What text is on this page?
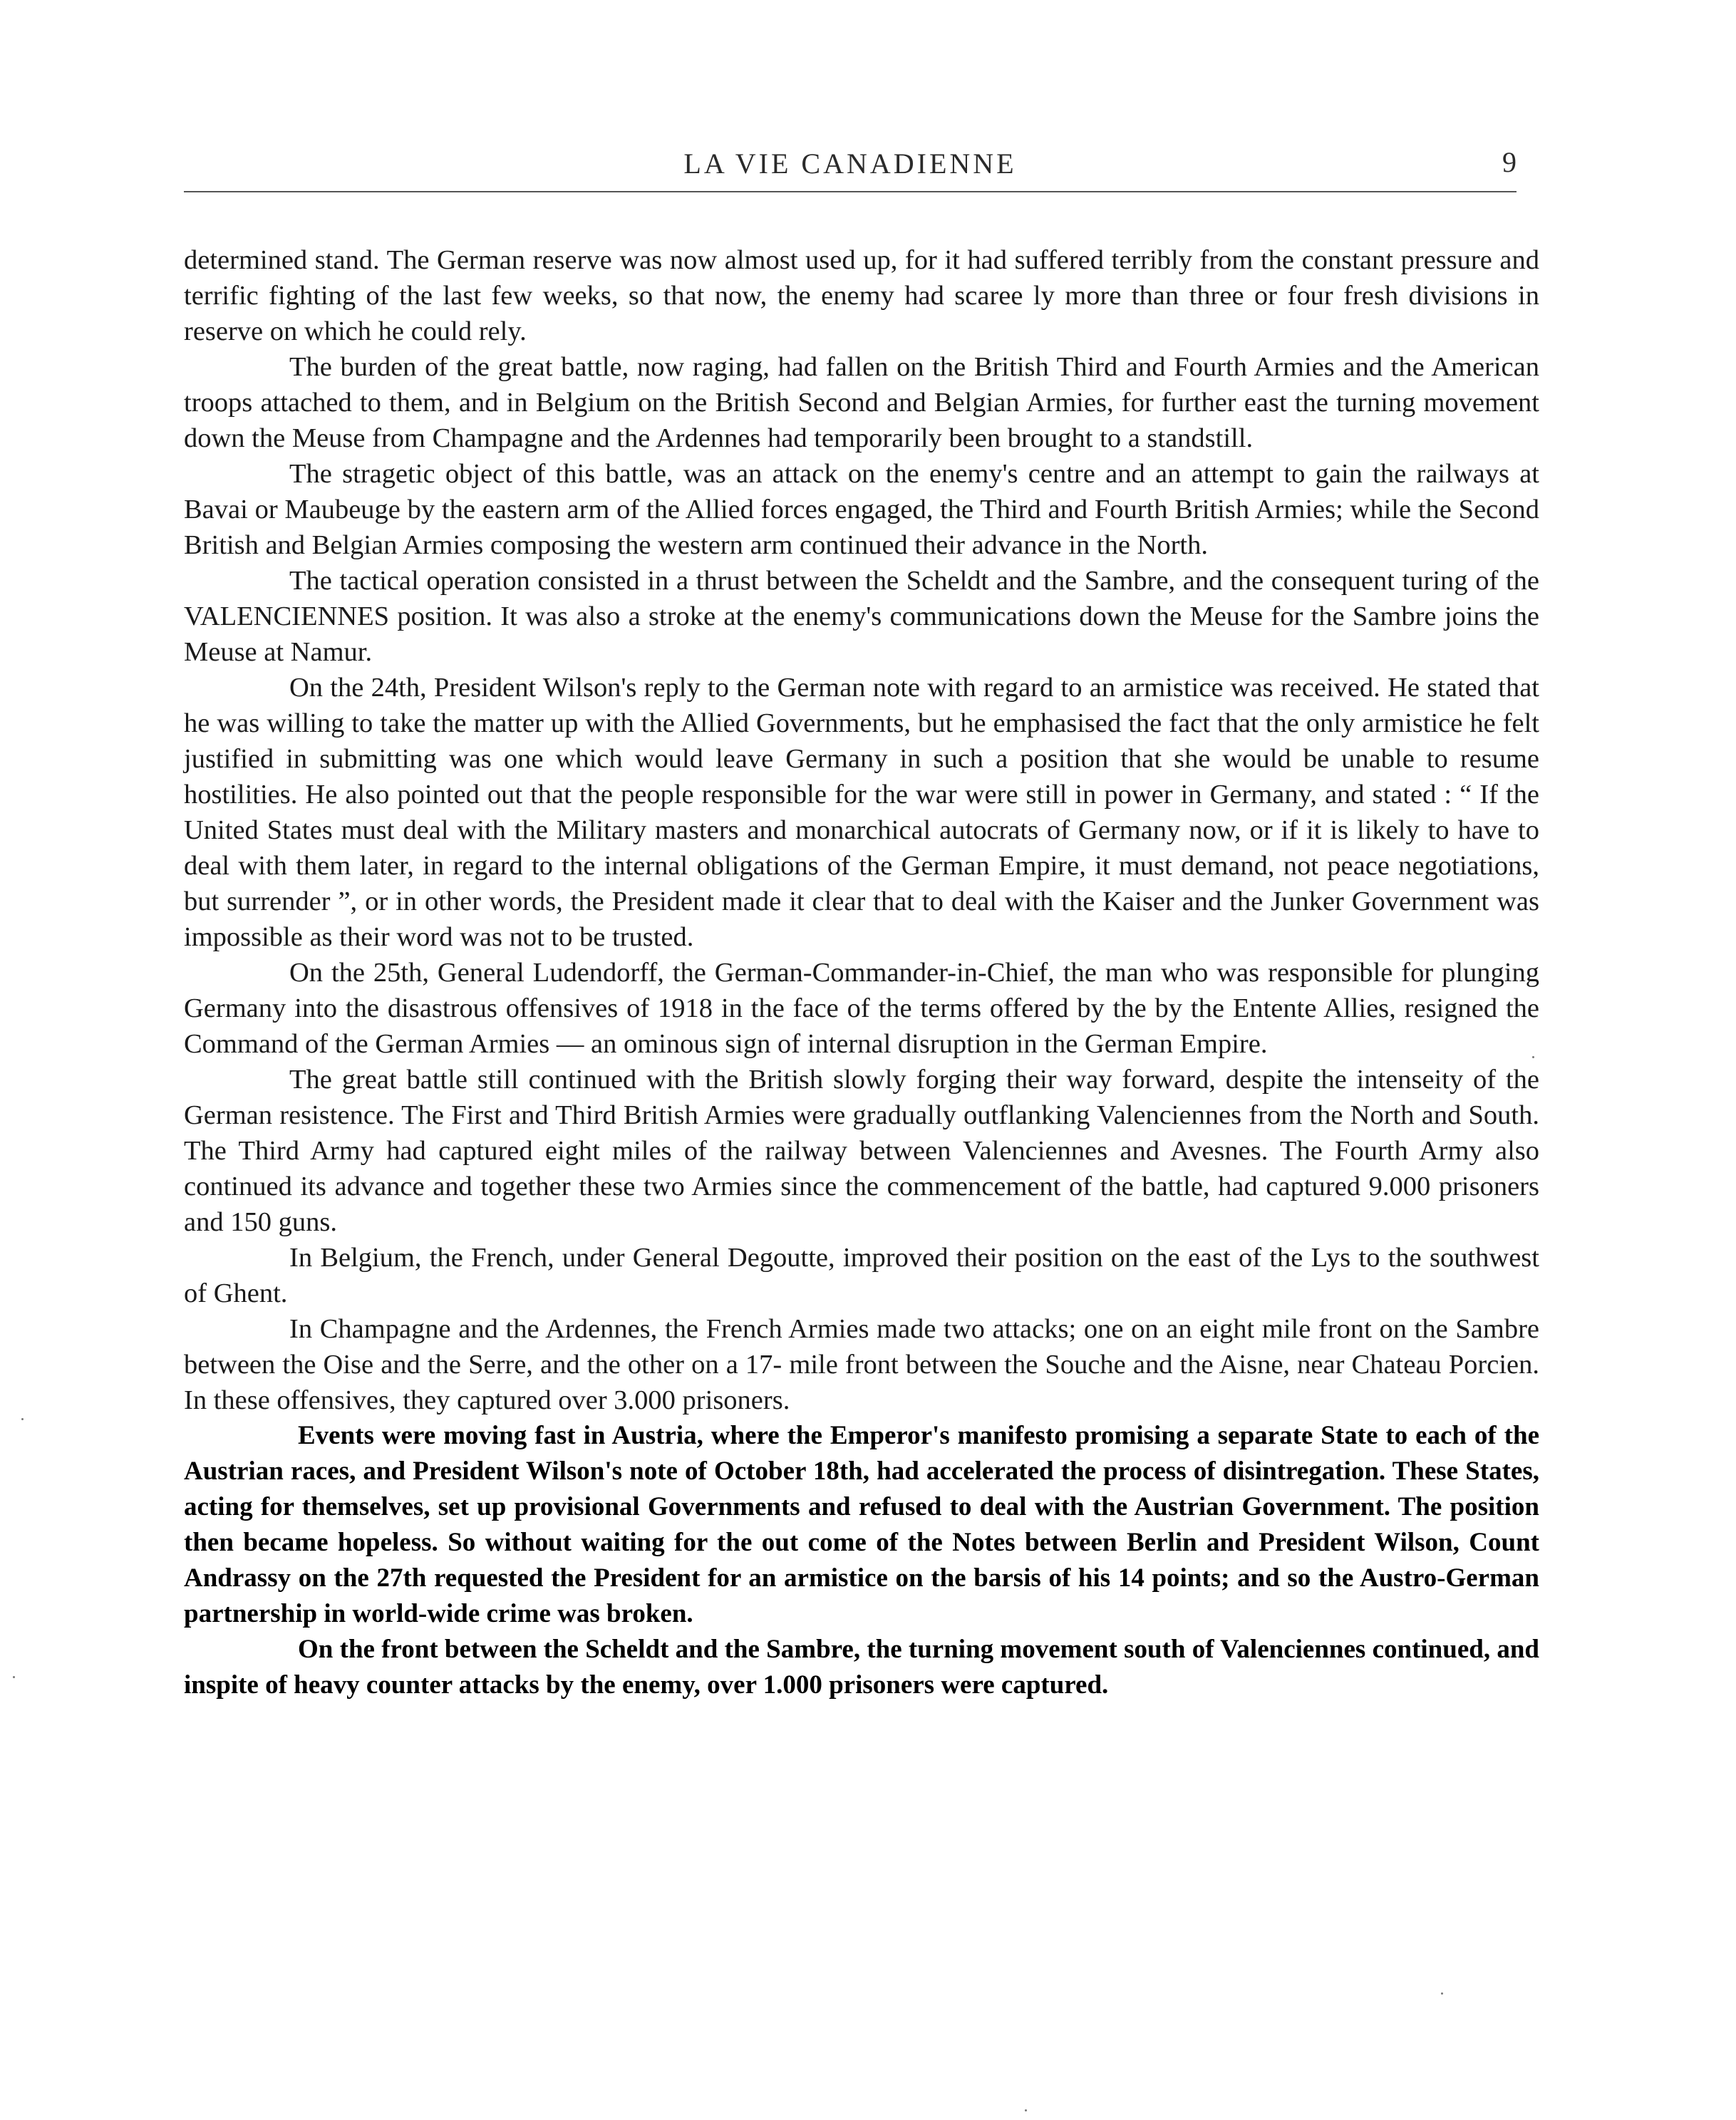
LA VIE CANADIENNE	9

determined stand. The German reserve was now almost used up, for it had suffered terribly from the constant pressure and terrific fighting of the last few weeks, so that now, the enemy had scaree ly more than three or four fresh divisions in reserve on which he could rely.

The burden of the great battle, now raging, had fallen on the British Third and Fourth Armies and the American troops attached to them, and in Belgium on the British Second and Belgian Armies, for further east the turning movement down the Meuse from Champagne and the Ardennes had temporarily been brought to a standstill.

The stragetic object of this battle, was an attack on the enemy's centre and an attempt to gain the railways at Bavai or Maubeuge by the eastern arm of the Allied forces engaged, the Third and Fourth British Armies; while the Second British and Belgian Armies composing the western arm continued their advance in the North.

The tactical operation consisted in a thrust between the Scheldt and the Sambre, and the consequent turing of the VALENCIENNES position. It was also a stroke at the enemy's communications down the Meuse for the Sambre joins the Meuse at Namur.

On the 24th, President Wilson's reply to the German note with regard to an armistice was received. He stated that he was willing to take the matter up with the Allied Governments, but he emphasised the fact that the only armistice he felt justified in submitting was one which would leave Germany in such a position that she would be unable to resume hostilities. He also pointed out that the people responsible for the war were still in power in Germany, and stated : “ If the United States must deal with the Military masters and monarchical autocrats of Germany now, or if it is likely to have to deal with them later, in regard to the internal obligations of the German Empire, it must demand, not peace negotiations, but surrender ”, or in other words, the President made it clear that to deal with the Kaiser and the Junker Government was impossible as their word was not to be trusted.

On the 25th, General Ludendorff, the German-Commander-in-Chief, the man who was responsible for plunging Germany into the disastrous offensives of 1918 in the face of the terms offered by the by the Entente Allies, resigned the Command of the German Armies — an ominous sign of internal disruption in the German Empire.

The great battle still continued with the British slowly forging their way forward, despite the intenseity of the German resistence. The First and Third British Armies were gradually outflanking Valenciennes from the North and South. The Third Army had captured eight miles of the railway between Valenciennes and Avesnes. The Fourth Army also continued its advance and together these two Armies since the commencement of the battle, had captured 9.000 prisoners and 150 guns.

In Belgium, the French, under General Degoutte, improved their position on the east of the Lys to the southwest of Ghent.

In Champagne and the Ardennes, the French Armies made two attacks; one on an eight mile front on the Sambre between the Oise and the Serre, and the other on a 17- mile front between the Souche and the Aisne, near Chateau Porcien. In these offensives, they captured over 3.000 prisoners.

Events were moving fast in Austria, where the Emperor's manifesto promising a separate State to each of the Austrian races, and President Wilson's note of October 18th, had accelerated the process of disintregation. These States, acting for themselves, set up provisional Governments and refused to deal with the Austrian Government. The position then became hopeless. So without waiting for the out come of the Notes between Berlin and President Wilson, Count Andrassy on the 27th requested the President for an armistice on the barsis of his 14 points; and so the Austro-German partnership in world-wide crime was broken.

On the front between the Scheldt and the Sambre, the turning movement south of Valenciennes continued, and inspite of heavy counter attacks by the enemy, over 1.000 prisoners were captured.
